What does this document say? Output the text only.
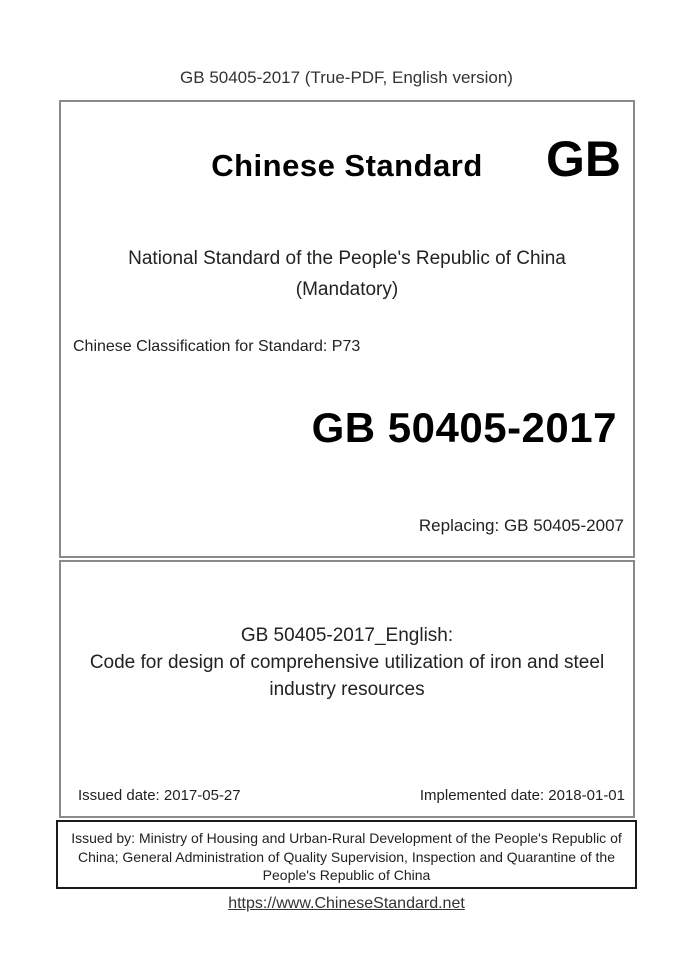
GB 50405-2017 (True-PDF, English version)
Chinese Standard	GB
National Standard of the People's Republic of China
(Mandatory)
Chinese Classification for Standard: P73
GB 50405-2017
Replacing: GB 50405-2007
GB 50405-2017_English:
Code for design of comprehensive utilization of iron and steel industry resources
Issued date: 2017-05-27	Implemented date: 2018-01-01
Issued by: Ministry of Housing and Urban-Rural Development of the People's Republic of China; General Administration of Quality Supervision, Inspection and Quarantine of the People's Republic of China
https://www.ChineseStandard.net
